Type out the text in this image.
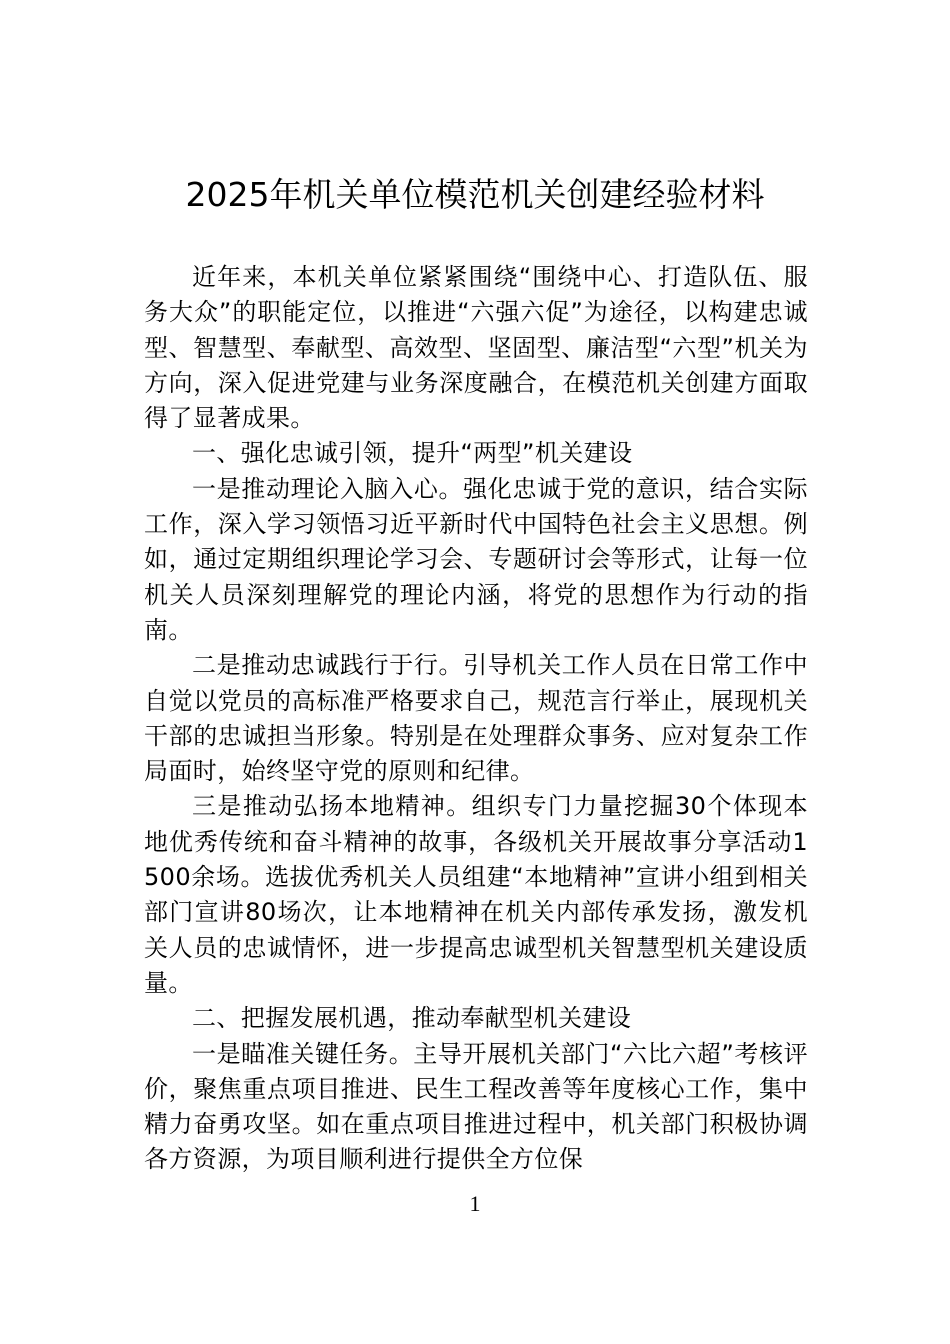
2025年机关单位模范机关创建经验材料

近年来，本机关单位紧紧围绕“围绕中心、打造队伍、服务大众”的职能定位，以推进“六强六促”为途径，以构建忠诚型、智慧型、奉献型、高效型、坚固型、廉洁型“六型”机关为方向，深入促进党建与业务深度融合，在模范机关创建方面取得了显著成果。

一、强化忠诚引领，提升“两型”机关建设

一是推动理论入脑入心。强化忠诚于党的意识，结合实际工作，深入学习领悟习近平新时代中国特色社会主义思想。例如，通过定期组织理论学习会、专题研讨会等形式，让每一位机关人员深刻理解党的理论内涵，将党的思想作为行动的指南。

二是推动忠诚践行于行。引导机关工作人员在日常工作中自觉以党员的高标准严格要求自己，规范言行举止，展现机关干部的忠诚担当形象。特别是在处理群众事务、应对复杂工作局面时，始终坚守党的原则和纪律。

三是推动弘扬本地精神。组织专门力量挖掘30个体现本地优秀传统和奋斗精神的故事，各级机关开展故事分享活动1500余场。选拔优秀机关人员组建“本地精神”宣讲小组到相关部门宣讲80场次，让本地精神在机关内部传承发扬，激发机关人员的忠诚情怀，进一步提高忠诚型机关智慧型机关建设质量。

二、把握发展机遇，推动奉献型机关建设

一是瞄准关键任务。主导开展机关部门“六比六超”考核评价，聚焦重点项目推进、民生工程改善等年度核心工作，集中精力奋勇攻坚。如在重点项目推进过程中，机关部门积极协调各方资源，为项目顺利进行提供全方位保

1
